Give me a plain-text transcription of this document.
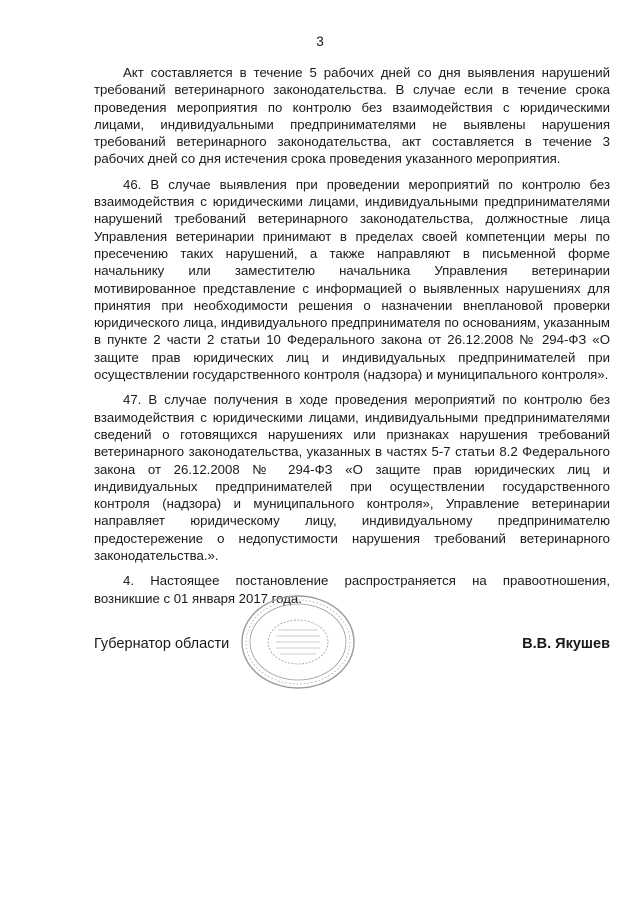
3

Акт составляется в течение 5 рабочих дней со дня выявления нарушений требований ветеринарного законодательства. В случае если в течение срока проведения мероприятия по контролю без взаимодействия с юридическими лицами, индивидуальными предпринимателями не выявлены нарушения требований ветеринарного законодательства, акт составляется в течение 3 рабочих дней со дня истечения срока проведения указанного мероприятия.

46. В случае выявления при проведении мероприятий по контролю без взаимодействия с юридическими лицами, индивидуальными предпринимателями нарушений требований ветеринарного законодательства, должностные лица Управления ветеринарии принимают в пределах своей компетенции меры по пресечению таких нарушений, а также направляют в письменной форме начальнику или заместителю начальника Управления ветеринарии мотивированное представление с информацией о выявленных нарушениях для принятия при необходимости решения о назначении внеплановой проверки юридического лица, индивидуального предпринимателя по основаниям, указанным в пункте 2 части 2 статьи 10 Федерального закона от 26.12.2008 № 294-ФЗ «О защите прав юридических лиц и индивидуальных предпринимателей при осуществлении государственного контроля (надзора) и муниципального контроля».

47. В случае получения в ходе проведения мероприятий по контролю без взаимодействия с юридическими лицами, индивидуальными предпринимателями сведений о готовящихся нарушениях или признаках нарушения требований ветеринарного законодательства, указанных в частях 5-7 статьи 8.2 Федерального закона от 26.12.2008 № 294-ФЗ «О защите прав юридических лиц и индивидуальных предпринимателей при осуществлении государственного контроля (надзора) и муниципального контроля», Управление ветеринарии направляет юридическому лицу, индивидуальному предпринимателю предостережение о недопустимости нарушения требований ветеринарного законодательства.».

4. Настоящее постановление распространяется на правоотношения, возникшие с 01 января 2017 года.

Губернатор области	В.В. Якушев
